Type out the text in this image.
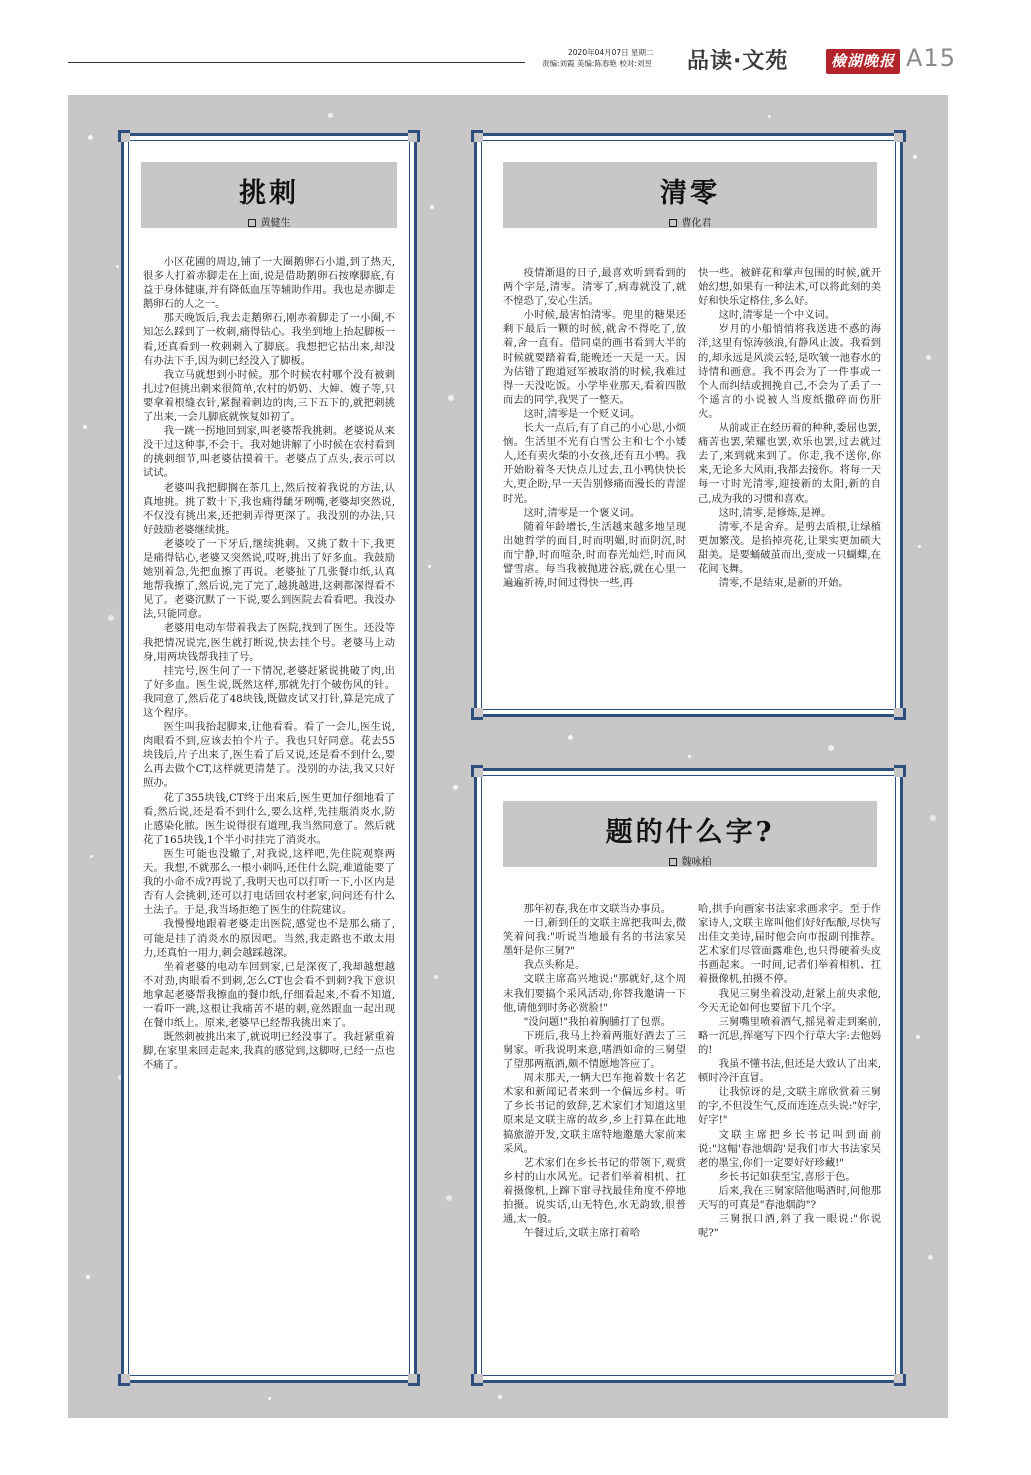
2020年04月07日 星期二
责编:刘霞 美编:陈春艳 校对:刘昱	品读·文苑	檢湖晚报 A15
挑刺
黄健生

小区花圃的周边,铺了一大圈鹅卵石小道,到了热天,很多人打着赤脚走在上面,说是借助鹅卵石按摩脚底,有益于身体健康,并有降低血压等辅助作用。我也是赤脚走鹅卵石的人之一。

那天晚饭后,我去走鹅卵石,刚赤着脚走了一小圈,不知怎么踩到了一枚刺,痛得钻心。我坐到地上抬起脚板一看,还真看到一枚刺刺入了脚底。我想把它拈出来,却没有办法下手,因为刺已经没入了脚板。

我立马就想到小时候。那个时候农村哪个没有被刺扎过?但挑出刺来很简单,农村的奶奶、大婶、嫂子等,只要拿着根缝衣针,紧握着刺边的肉,三下五下的,就把刺挑了出来,一会儿脚底就恢复如初了。

我一跳一拐地回到家,叫老婆帮我挑刺。老婆说从来没干过这种事,不会干。我对她讲解了小时候在农村看到的挑刺细节,叫老婆估摸着干。老婆点了点头,表示可以试试。

老婆叫我把脚搁在茶几上,然后按着我说的方法,认真地挑。挑了数十下,我也痛得龇牙咧嘴,老婆却突然说,不仅没有挑出来,还把刺弄得更深了。我没别的办法,只好鼓励老婆继续挑。

老婆咬了一下牙后,继续挑刺。又挑了数十下,我更是痛得钻心,老婆又突然说,哎呀,挑出了好多血。我鼓励她别着急,先把血擦了再说。老婆扯了几张餐巾纸,认真地帮我擦了,然后说,完了完了,越挑越进,这刺都深得看不见了。老婆沉默了一下说,要么到医院去看看吧。我没办法,只能同意。

老婆用电动车带着我去了医院,找到了医生。还没等我把情况说完,医生就打断说,快去挂个号。老婆马上动身,用两块钱帮我挂了号。

挂完号,医生问了一下情况,老婆赶紧说挑破了肉,出了好多血。医生说,既然这样,那就先打个破伤风的针。我同意了,然后花了48块钱,既做皮试又打针,算是完成了这个程序。

医生叫我抬起脚来,让他看看。看了一会儿,医生说,肉眼看不到,应该去拍个片子。我也只好同意。花去55块钱后,片子出来了,医生看了后又说,还是看不到什么,要么再去做个CT,这样就更清楚了。没别的办法,我又只好照办。

花了355块钱,CT终于出来后,医生更加仔细地看了看,然后说,还是看不到什么,要么这样,先挂瓶消炎水,防止感染化脓。医生说得很有道理,我当然同意了。然后就花了165块钱,1个半小时挂完了消炎水。

医生可能也没辙了,对我说,这样吧,先住院观察两天。我想,不就那么一根小刺吗,还住什么院,难道能要了我的小命不成?再说了,我明天也可以打听一下,小区内是否有人会挑刺,还可以打电话回农村老家,问问还有什么土法子。于是,我当场拒绝了医生的住院建议。

我慢慢地跟着老婆走出医院,感觉也不是那么痛了,可能是挂了消炎水的原因吧。当然,我走路也不敢太用力,还真怕一用力,刺会越踩越深。

坐着老婆的电动车回到家,已是深夜了,我却越想越不对劲,肉眼看不到刺,怎么CT也会看不到刺?我下意识地拿起老婆帮我擦血的餐巾纸,仔细看起来,不看不知道,一看吓一跳,这根让我痛苦不堪的刺,竟然跟血一起出现在餐巾纸上。原来,老婆早已经帮我挑出来了。

既然刺被挑出来了,就说明已经没事了。我赶紧重着脚,在家里来回走起来,我真的感觉到,这脚呀,已经一点也不痛了。

清零
曹化君

疫情渐退的日子,最喜欢听到看到的两个字是,清零。清零了,病毒就没了,就不惶恐了,安心生活。

小时候,最害怕清零。兜里的糖果还剩下最后一颗的时候,就舍不得吃了,放着,舍一直有。借同桌的画书看到大半的时候就要踏着看,能晚还一天是一天。因为估错了跑道冠军被取消的时候,我难过得一天没吃饭。小学毕业那天,看着四散而去的同学,我哭了一整天。

这时,清零是一个贬义词。

长大一点后,有了自己的小心思,小烦恼。生活里不光有白雪公主和七个小矮人,还有卖火柴的小女孩,还有丑小鸭。我开始盼着冬天快点儿过去,丑小鸭快快长大,更企盼,早一天告别修痛而漫长的青涩时光。

这时,清零是一个褒义词。

随着年龄增长,生活越来越多地呈现出她哲学的面目,时而明媚,时而阴沉,时而宁静,时而喧杂,时而春光灿烂,时而风譬雪虐。每当我被抛进谷底,就在心里一遍遍祈祷,时间过得快一些,再

快一些。被鲜花和掌声包围的时候,就开始幻想,如果有一种法术,可以将此刻的美好和快乐定格住,多么好。

这时,清零是一个中义词。

岁月的小船悄悄将我送进不惑的海洋,这里有惊涛骇浪,有静风止波。我看到的,却永远是风淡云轻,是吹皱一池春水的诗情和画意。我不再会为了一件事或一个人而纠结或拥挽自己,不会为了丢了一个遥言的小说被人当废纸撒碎而伤肝火。

从前或正在经历着的种种,委屈也罢,痛苦也罢,荣耀也罢,欢乐也罢,过去就过去了,来到就来到了。你走,我不送你,你来,无论多大风雨,我都去接你。将每一天每一寸时光清零,迎接新的太阳,新的自己,成为我的习惯和喜欢。

这时,清零,是修炼,是禅。

清零,不是舍弃。是剪去盾根,让绿植更加繁茂。是掐掉亮花,让果实更加硕大甜美。是要蛹破茧而出,变成一只蝴蝶,在花间飞舞。

清零,不是结束,是新的开始。

题的什么字?
魏咏柏

那年初春,我在市文联当办事员。

一日,新到任的文联主席把我叫去,微笑着问我:"听说当地最有名的书法家吴墨轩是你三舅?"

我点头称是。

文联主席高兴地说:"那就好,这个周末我们要搞个采风活动,你替我邀请一下他,请他到时务必赏脸!"

"没问题!"我拍着胸脯打了包票。

下班后,我马上拎着两瓶好酒去了三舅家。听我说明来意,嗜酒如命的三舅望了望那两瓶酒,颇不情愿地答应了。

周末那天,一辆大巴车拖着数十名艺术家和新闻记者来到一个偏远乡村。听了乡长书记的致辞,艺术家们才知道这里原来是文联主席的故乡,乡上打算在此地搞旅游开发,文联主席特地邀邀大家前来采风。

艺术家们在乡长书记的带领下,观赏乡村的山水风光。记者们举着相机、扛着摄像机,上蹿下窜寻找最佳角度不停地拍摄。说实话,山无特色,水无韵致,很普通,太一般。

午餐过后,文联主席打着哈

哈,拱手向画家书法家求画求字。至于作家诗人,文联主席叫他们好好酝酿,尽快写出佳文美诗,届时他会向市报副刊推荐。艺术家们尽管面露难色,也只得硬着头皮书画起来。一时间,记者们举着相机、扛着摄像机,拍摄不停。

我见三舅坐着没动,赶紧上前央求他,今天无论如何也要留下几个字。

三舅嘴里喷着酒气,摇晃着走到案前,略一沉思,挥毫写下四个行草大字:去他妈的!

我虽不懂书法,但还是大致认了出来,顿时冷汗直冒。

让我惊讶的是,文联主席欣赏着三舅的字,不但没生气,反而连连点头说:"好字,好字!"

文联主席把乡长书记叫到面前说:"这幅'春池烟韵'是我们市大书法家吴老的墨宝,你们一定要好好珍藏!"

乡长书记如获至宝,喜形于色。

后来,我在三舅家陪他喝酒时,问他那天写的可真是"春池烟韵"?

三舅抿口酒,斜了我一眼说:"你说呢?"
